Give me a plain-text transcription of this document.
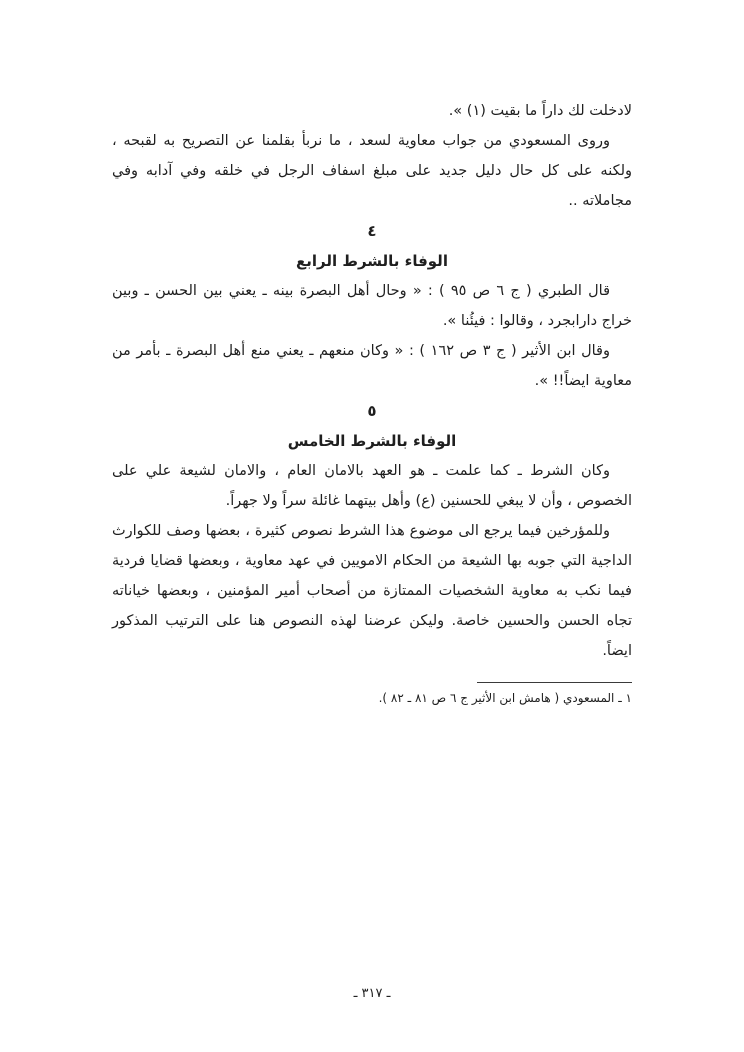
لادخلت لك داراً ما بقيت (١) ».

وروى المسعودي من جواب معاوية لسعد ، ما نربأ بقلمنا عن التصريح به لقبحه ، ولكنه على كل حال دليل جديد على مبلغ اسفاف الرجل في خلقه وفي آدابه وفي مجاملاته ..

٤

الوفاء بالشرط الرابع

قال الطبري ( ج ٦ ص ٩٥ ) : « وحال أهل البصرة بينه ـ يعني بين الحسن ـ وبين خراج دارابجرد ، وقالوا : فيئُنا ».

وقال ابن الأثير ( ج ٣ ص ١٦٢ ) : « وكان منعهم ـ يعني منع أهل البصرة ـ بأمر من معاوية ايضاً!! ».

٥

الوفاء بالشرط الخامس

وكان الشرط ـ كما علمت ـ هو العهد بالامان العام ، والامان لشيعة علي على الخصوص ، وأن لا يبغي للحسنين (ع) وأهل بيتهما غائلة سراً ولا جهراً.

وللمؤرخين فيما يرجع الى موضوع هذا الشرط نصوص كثيرة ، بعضها وصف للكوارث الداجية التي جوبه بها الشيعة من الحكام الامويين في عهد معاوية ، وبعضها قضايا فردية فيما نكب به معاوية الشخصيات الممتازة من أصحاب أمير المؤمنين ، وبعضها خياناته تجاه الحسن والحسين خاصة. وليكن عرضنا لهذه النصوص هنا على الترتيب المذكور ايضاً.

١ ـ المسعودي ( هامش ابن الأثير ج ٦ ص ٨١ ـ ٨٢ ).

ـ ٣١٧ ـ
